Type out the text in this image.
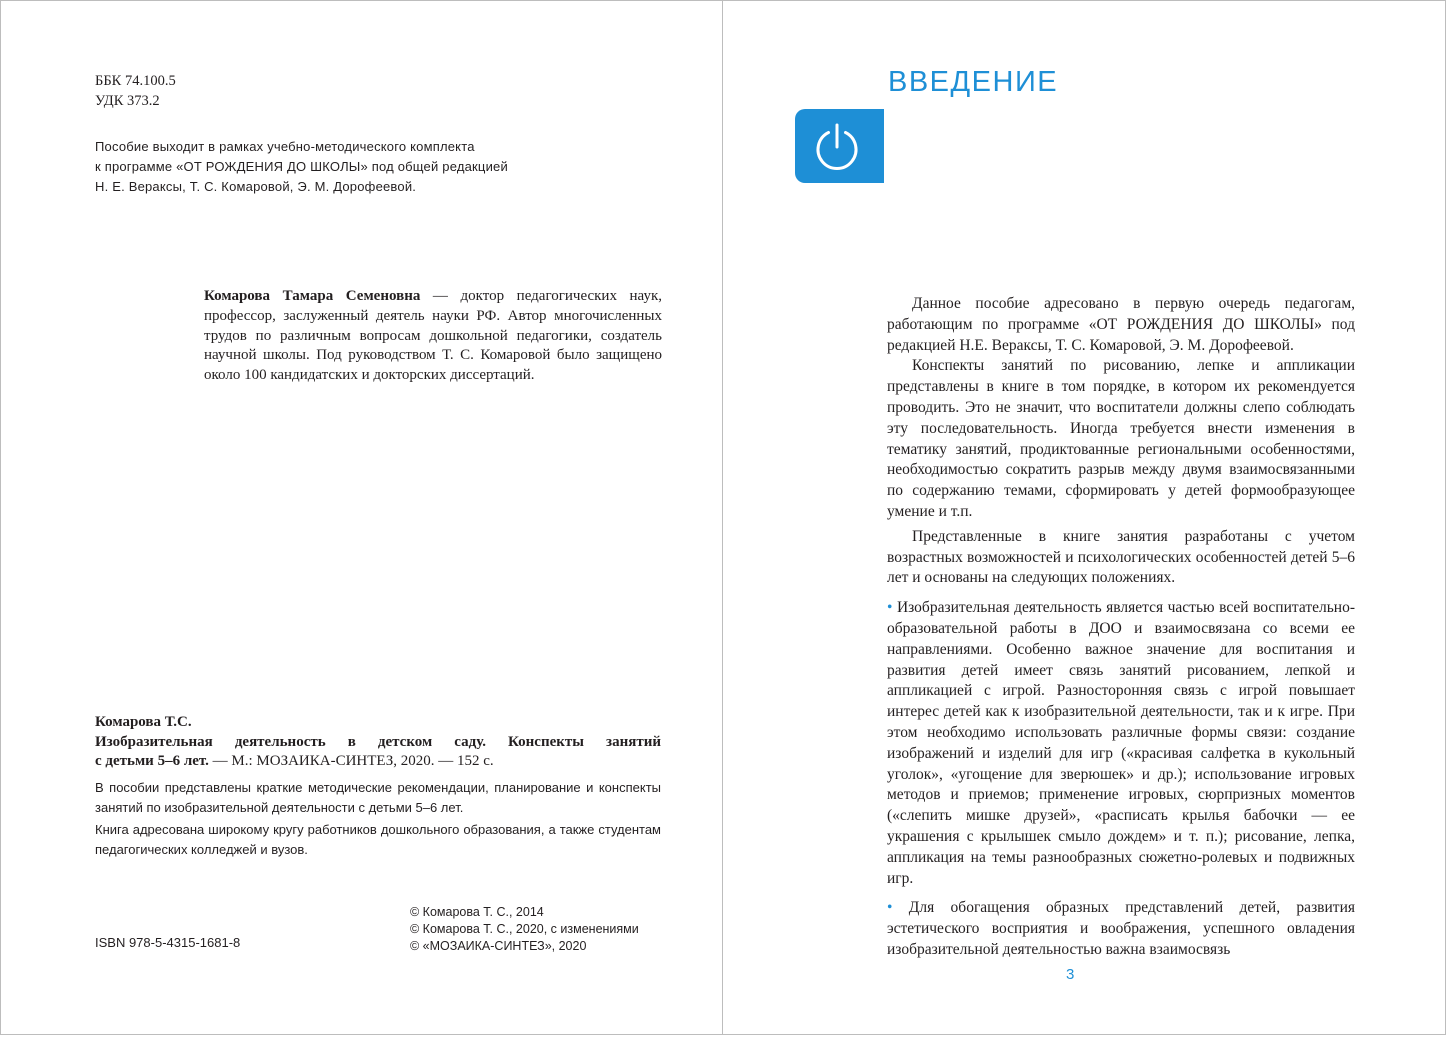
ББК 74.100.5
УДК 373.2
Пособие выходит в рамках учебно-методического комплекта
к программе «ОТ РОЖДЕНИЯ ДО ШКОЛЫ» под общей редакцией
Н. Е. Вераксы, Т. С. Комаровой, Э. М. Дорофеевой.
Комарова Тамара Семеновна — доктор педагогических наук, профессор, заслуженный деятель науки РФ. Автор многочисленных трудов по различным вопросам дошкольной педагогики, создатель научной школы. Под руководством Т. С. Комаровой было защищено около 100 кандидатских и докторских диссертаций.
Комарова Т.С.
Изобразительная деятельность в детском саду. Конспекты занятий
с детьми 5–6 лет. — М.: МОЗАИКА-СИНТЕЗ, 2020. — 152 с.

В пособии представлены краткие методические рекомендации, планирование и конспекты занятий по изобразительной деятельности с детьми 5–6 лет.

Книга адресована широкому кругу работников дошкольного образования, а также студентам педагогических колледжей и вузов.

© Комарова Т. С., 2014
© Комарова Т. С., 2020, с изменениями
© «МОЗАИКА-СИНТЕЗ», 2020
ISBN 978-5-4315-1681-8
ВВЕДЕНИЕ

Данное пособие адресовано в первую очередь педагогам, работающим по программе «ОТ РОЖДЕНИЯ ДО ШКОЛЫ» под редакцией Н.Е. Вераксы, Т. С. Комаровой, Э. М. Дорофеевой.

Конспекты занятий по рисованию, лепке и аппликации представлены в книге в том порядке, в котором их рекомендуется проводить. Это не значит, что воспитатели должны слепо соблюдать эту последовательность. Иногда требуется внести изменения в тематику занятий, продиктованные региональными особенностями, необходимостью сократить разрыв между двумя взаимосвязанными по содержанию темами, сформировать у детей формообразующее умение и т.п.

Представленные в книге занятия разработаны с учетом возрастных возможностей и психологических особенностей детей 5–6 лет и основаны на следующих положениях.

• Изобразительная деятельность является частью всей воспитательно-образовательной работы в ДОО и взаимосвязана со всеми ее направлениями. Особенно важное значение для воспитания и развития детей имеет связь занятий рисованием, лепкой и аппликацией с игрой. Разносторонняя связь с игрой повышает интерес детей как к изобразительной деятельности, так и к игре. При этом необходимо использовать различные формы связи: создание изображений и изделий для игр («красивая салфетка в кукольный уголок», «угощение для зверюшек» и др.); использование игровых методов и приемов; применение игровых, сюрпризных моментов («слепить мишке друзей», «расписать крылья бабочки — ее украшения с крылышек смыло дождем» и т. п.); рисование, лепка, аппликация на темы разнообразных сюжетно-ролевых и подвижных игр.

• Для обогащения образных представлений детей, развития эстетического восприятия и воображения, успешного овладения изобразительной деятельностью важна взаимосвязь

3
